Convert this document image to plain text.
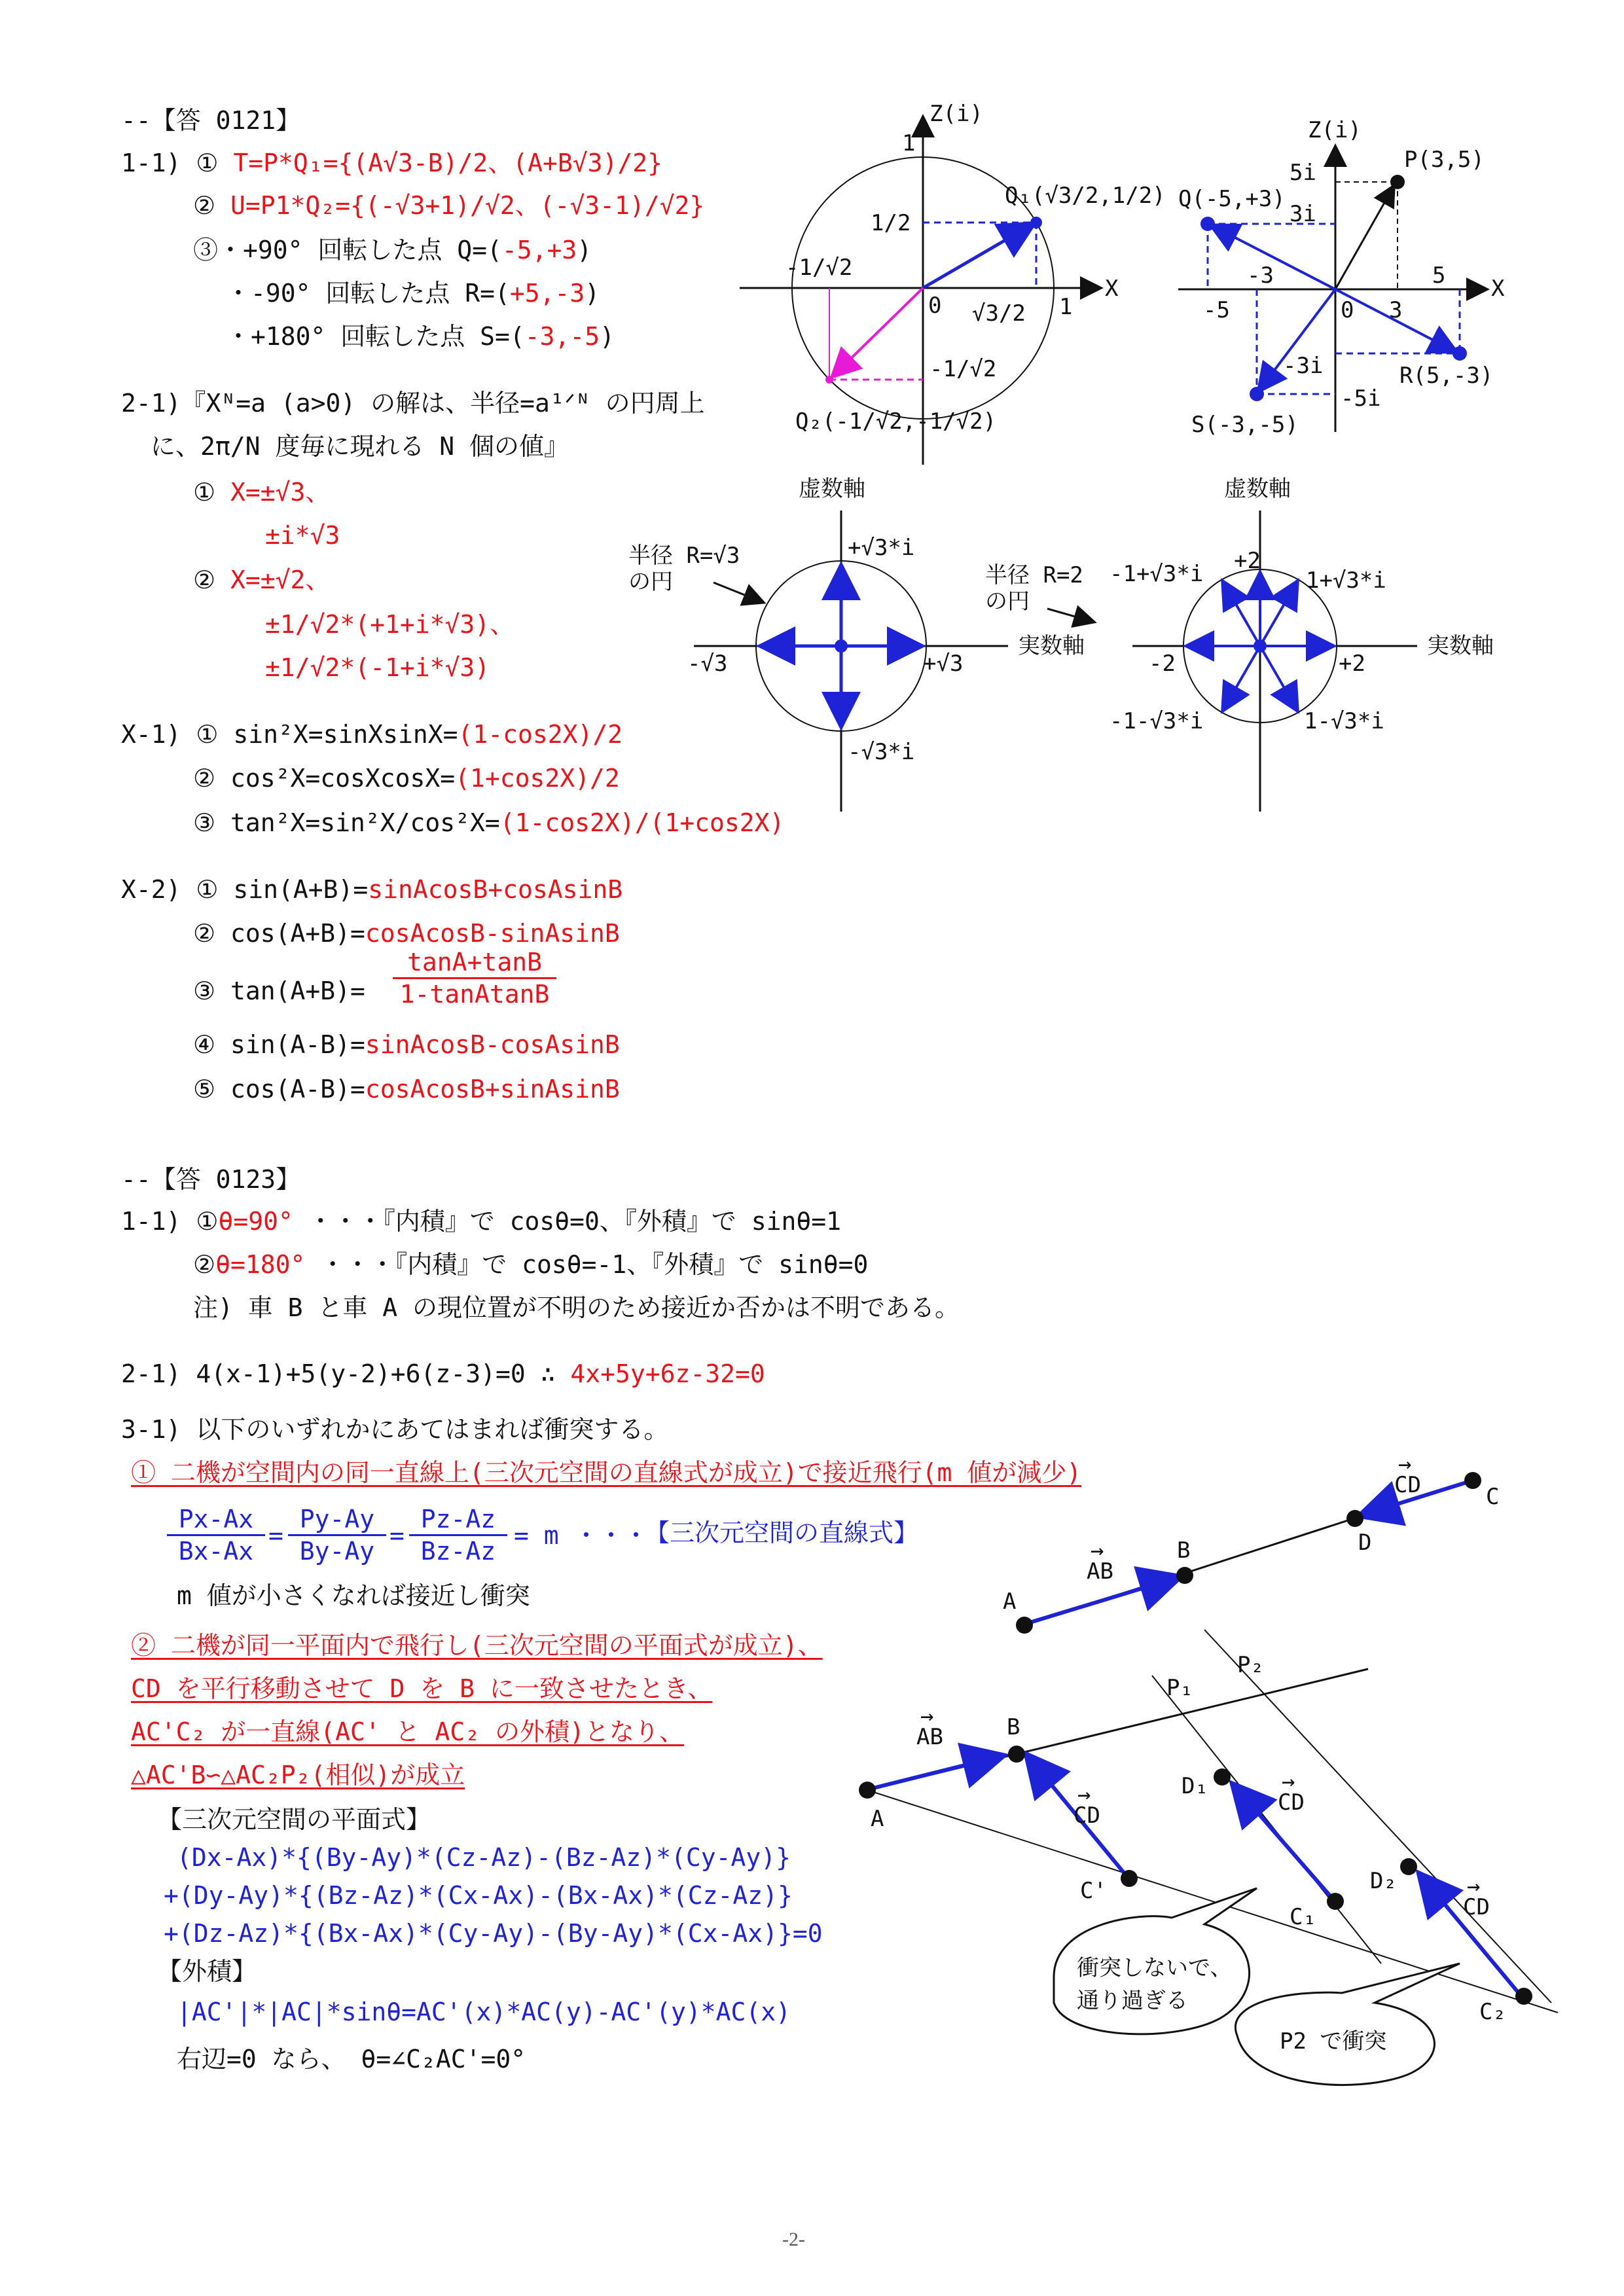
--【答 0121】
1-1) ① T=P*Q₁={(A√3-B)/2、(A+B√3)/2}
② U=P1*Q₂={(-√3+1)/√2、(-√3-1)/√2}
③・+90° 回転した点 Q=(-5,+3)
・-90° 回転した点 R=(+5,-3)
・+180° 回転した点 S=(-3,-5)
2-1)『Xᴺ=a (a>0) の解は、半径=a¹ᐟᴺ の円周上
に、2π/N 度毎に現れる N 個の値』
① X=±√3、
±i*√3
② X=±√2、
±1/√2*(+1+i*√3)、
±1/√2*(-1+i*√3)
X-1) ① sin²X=sinXsinX=(1-cos2X)/2
② cos²X=cosXcosX=(1+cos2X)/2
③ tan²X=sin²X/cos²X=(1-cos2X)/(1+cos2X)
X-2) ① sin(A+B)=sinAcosB+cosAsinB
② cos(A+B)=cosAcosB-sinAsinB
③ $\tan(A+B)= \frac{\tan A+\tan B}{\text{1-tanAtanB}}$
④ sin(A-B)=sinAcosB-cosAsinB
⑤ cos(A-B)=cosAcosB+sinAsinB
Z(i)
X
1
1
0
1/2
√3/2
Q₁(√3/2,1/2)
-1/√2
-1/√2
Q₂(-1/√2,-1/√2)
Z(i)
X
5i
3i
-3
-5	0 3
5
-3i
-5i
P(3,5)
Q(-5,+3)
R(5,-3)
S(-3,-5)
虚数軸
実数軸
半径 R=√3
の円
+√3*i
-√3*i
-√3	+√3
虚数軸
実数軸
半径 R=2
の円
+2
+2
-2
1+√3*i
-1+√3*i
1-√3*i
-1-√3*i
--【答 0123】
1-1) ①θ=90° ・・・『内積』で cosθ=0、『外積』で sinθ=1
②θ=180° ・・・『内積』で cosθ=-1、『外積』で sinθ=0
注) 車 B と車 A の現位置が不明のため接近か否かは不明である。
2-1) 4(x-1)+5(y-2)+6(z-3)=0 ∴ 4x+5y+6z-32=0
3-1) 以下のいずれかにあてはまれば衝突する。
① 二機が空間内の同一直線上(三次元空間の直線式が成立)で接近飛行(m 値が減少)
$\frac{Px-Ax}{Bx-Ax} = \frac{Py-Ay}{By-Ay} = \frac{Pz-Az}{Bz-Az} = m$ ・・・
【三次元空間の直線式】
m 値が小さくなれば接近し衝突
② 二機が同一平面内で飛行し(三次元空間の平面式が成立)、
CD を平行移動させて D を B に一致させたとき、
AC'C₂ が一直線(AC' と AC₂ の外積)となり、
△AC'B∽△AC₂P₂(相似)が成立
【三次元空間の平面式】
(Dx-Ax)*{(By-Ay)*(Cz-Az)-(Bz-Az)*(Cy-Ay)}
+(Dy-Ay)*{(Bz-Az)*(Cx-Ax)-(Bx-Ax)*(Cz-Az)}
+(Dz-Az)*{(Bx-Ax)*(Cy-Ay)-(By-Ay)*(Cx-Ax)}=0
【外積】
|AC'|*|AC|*sinθ=AC'(x)*AC(y)-AC'(y)*AC(x)
右辺=0 なら、 θ=∠C₂AC'=0°
A
B	D
C
AB
→
CD
→
A
B
C'
D₁
C₁
D₂
C₂
P₁
P₂
AB
→
CD
→	CD
→
CD
→
衝突しないで、
通り過ぎる
P2 で衝突
-2-
